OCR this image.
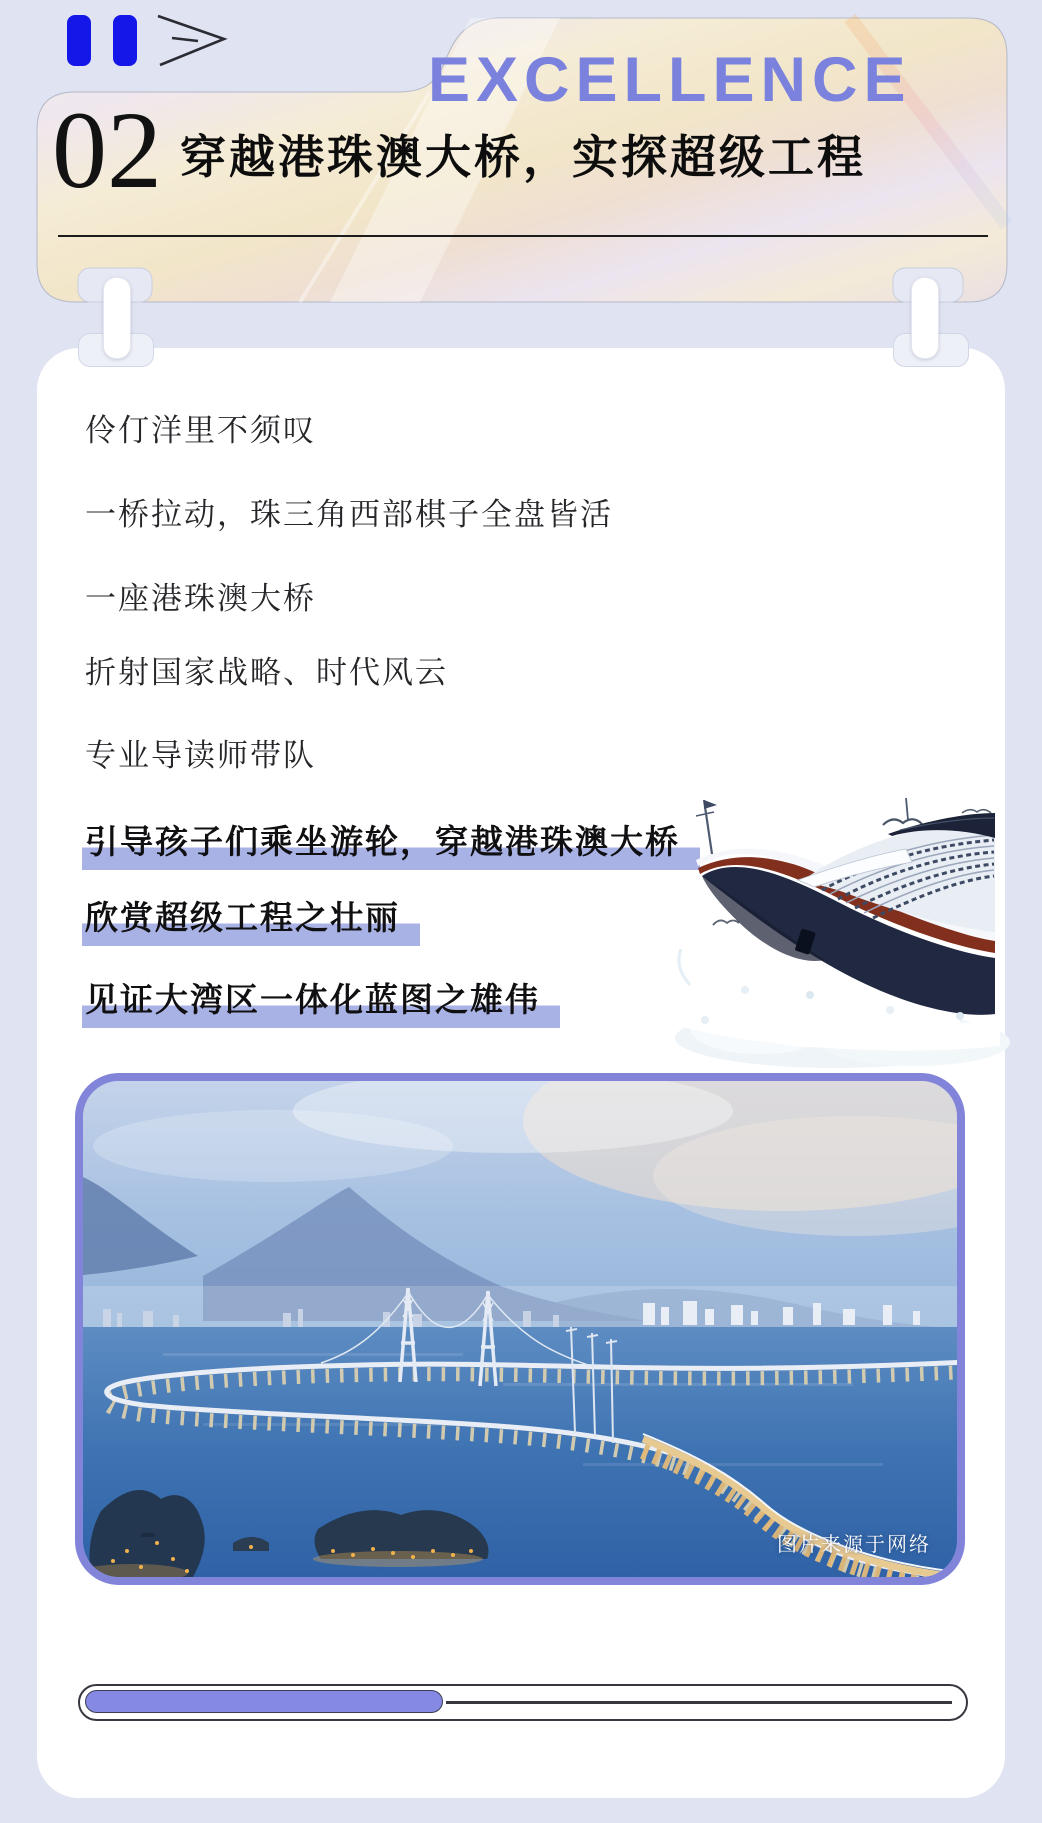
EXCELLENCE
02 穿越港珠澳大桥，实探超级工程
伶仃洋里不须叹
一桥拉动，珠三角西部棋子全盘皆活
一座港珠澳大桥
折射国家战略、时代风云
专业导读师带队
引导孩子们乘坐游轮，穿越港珠澳大桥
欣赏超级工程之壮丽
见证大湾区一体化蓝图之雄伟
图片来源于网络
